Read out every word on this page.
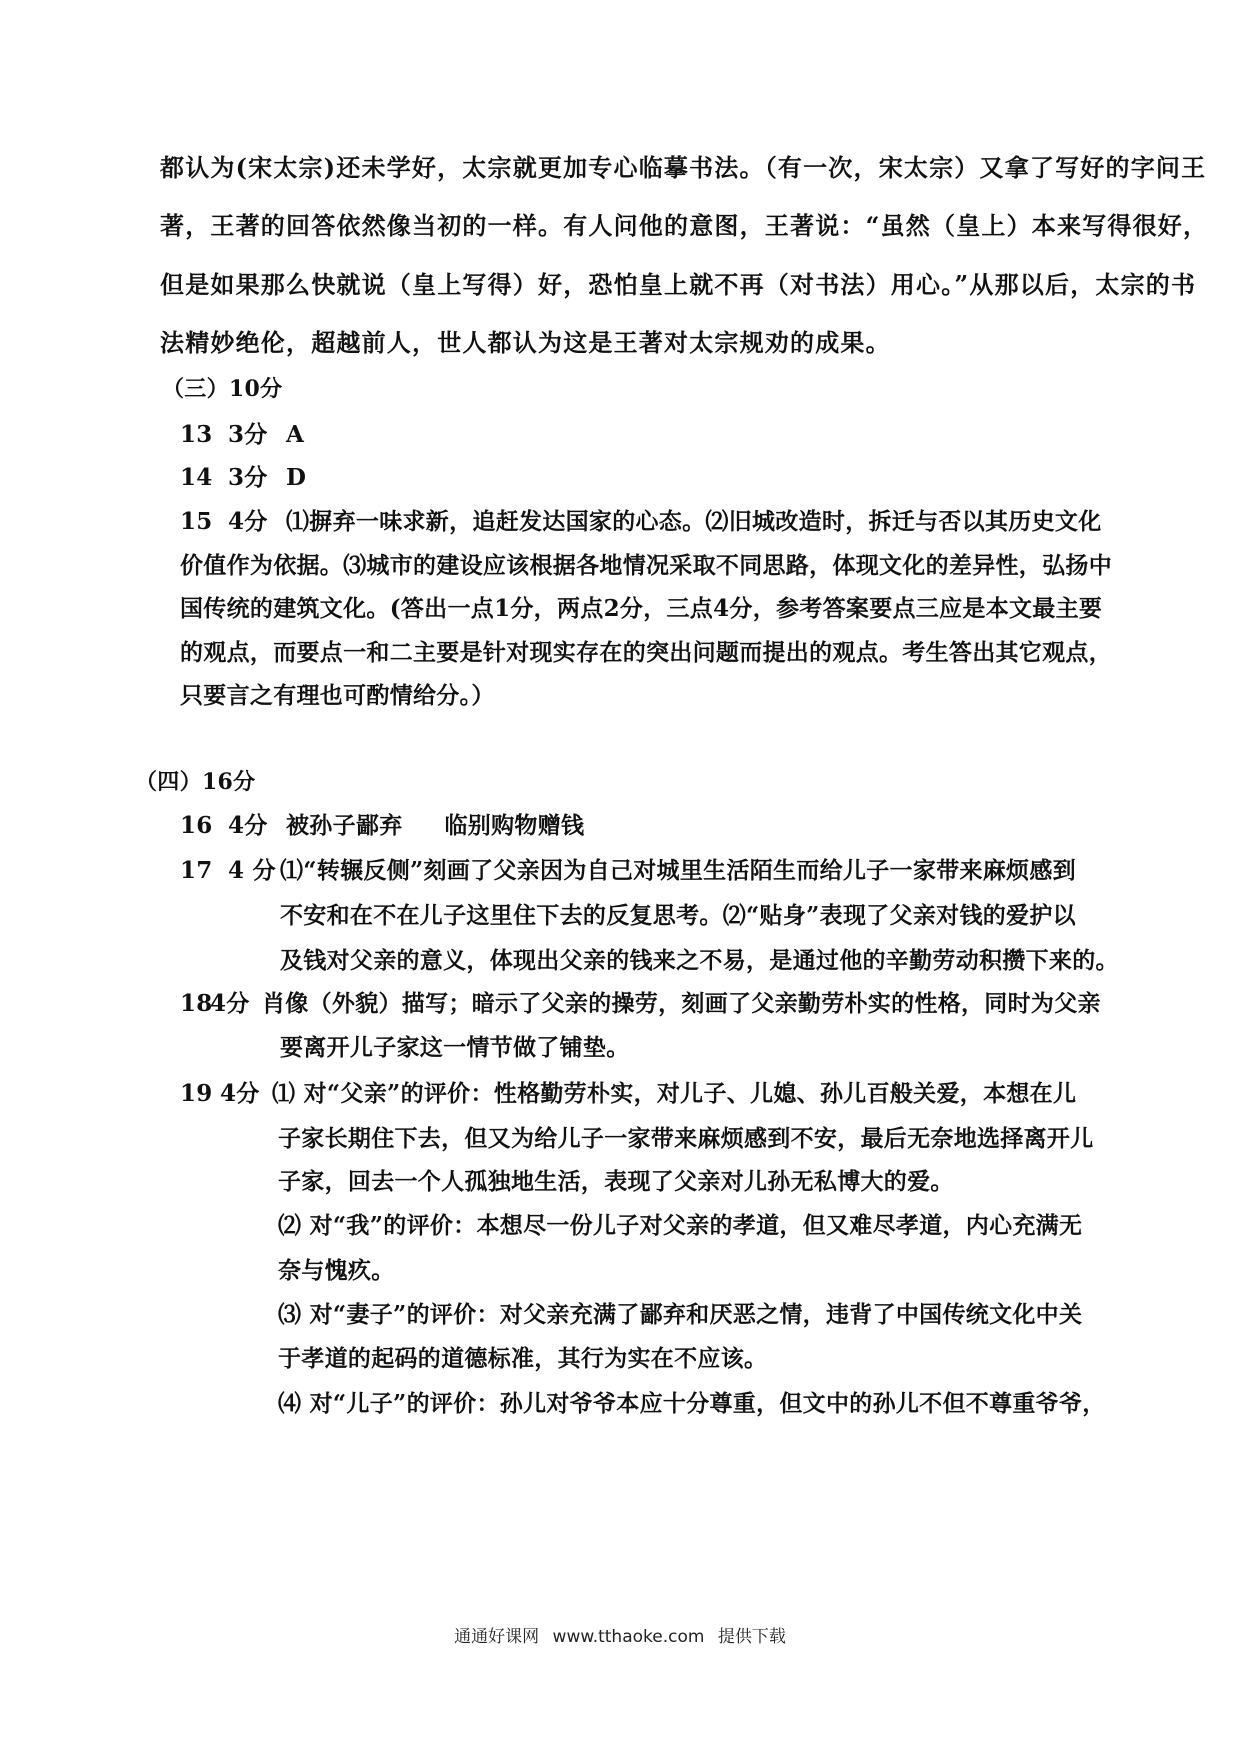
都认为(宋太宗)还未学好，太宗就更加专心临摹书法。（有一次，宋太宗）又拿了写好的字问王
著，王著的回答依然像当初的一样。有人问他的意图，王著说：“虽然（皇上）本来写得很好，
但是如果那么快就说（皇上写得）好，恐怕皇上就不再（对书法）用心。”从那以后，太宗的书
法精妙绝伦，超越前人，世人都认为这是王著对太宗规劝的成果。
（三）10分
13 3分 A
14 3分 D
15 4分 ⑴摒弃一味求新，追赶发达国家的心态。⑵旧城改造时，拆迁与否以其历史文化
价值作为依据。⑶城市的建设应该根据各地情况采取不同思路，体现文化的差异性，弘扬中
国传统的建筑文化。(答出一点1分，两点2分，三点4分，参考答案要点三应是本文最主要
的观点，而要点一和二主要是针对现实存在的突出问题而提出的观点。考生答出其它观点，
只要言之有理也可酌情给分。）
（四）16分
16 4分 被孙子鄙弃 临别购物赠钱
17 4 分 ⑴“转辗反侧”刻画了父亲因为自己对城里生活陌生而给儿子一家带来麻烦感到
不安和在不在儿子这里住下去的反复思考。⑵“贴身”表现了父亲对钱的爱护以
及钱对父亲的意义，体现出父亲的钱来之不易，是通过他的辛勤劳动积攒下来的。
184分 肖像（外貌）描写；暗示了父亲的操劳，刻画了父亲勤劳朴实的性格，同时为父亲
要离开儿子家这一情节做了铺垫。
19 4分 ⑴ 对“父亲”的评价：性格勤劳朴实，对儿子、儿媳、孙儿百般关爱，本想在儿
子家长期住下去，但又为给儿子一家带来麻烦感到不安，最后无奈地选择离开儿
子家，回去一个人孤独地生活，表现了父亲对儿孙无私博大的爱。
⑵ 对“我”的评价：本想尽一份儿子对父亲的孝道，但又难尽孝道，内心充满无
奈与愧疚。
⑶ 对“妻子”的评价：对父亲充满了鄙弃和厌恶之情，违背了中国传统文化中关
于孝道的起码的道德标准，其行为实在不应该。
⑷ 对“儿子”的评价：孙儿对爷爷本应十分尊重，但文中的孙儿不但不尊重爷爷，
通通好课网 www.tthaoke.com 提供下载
